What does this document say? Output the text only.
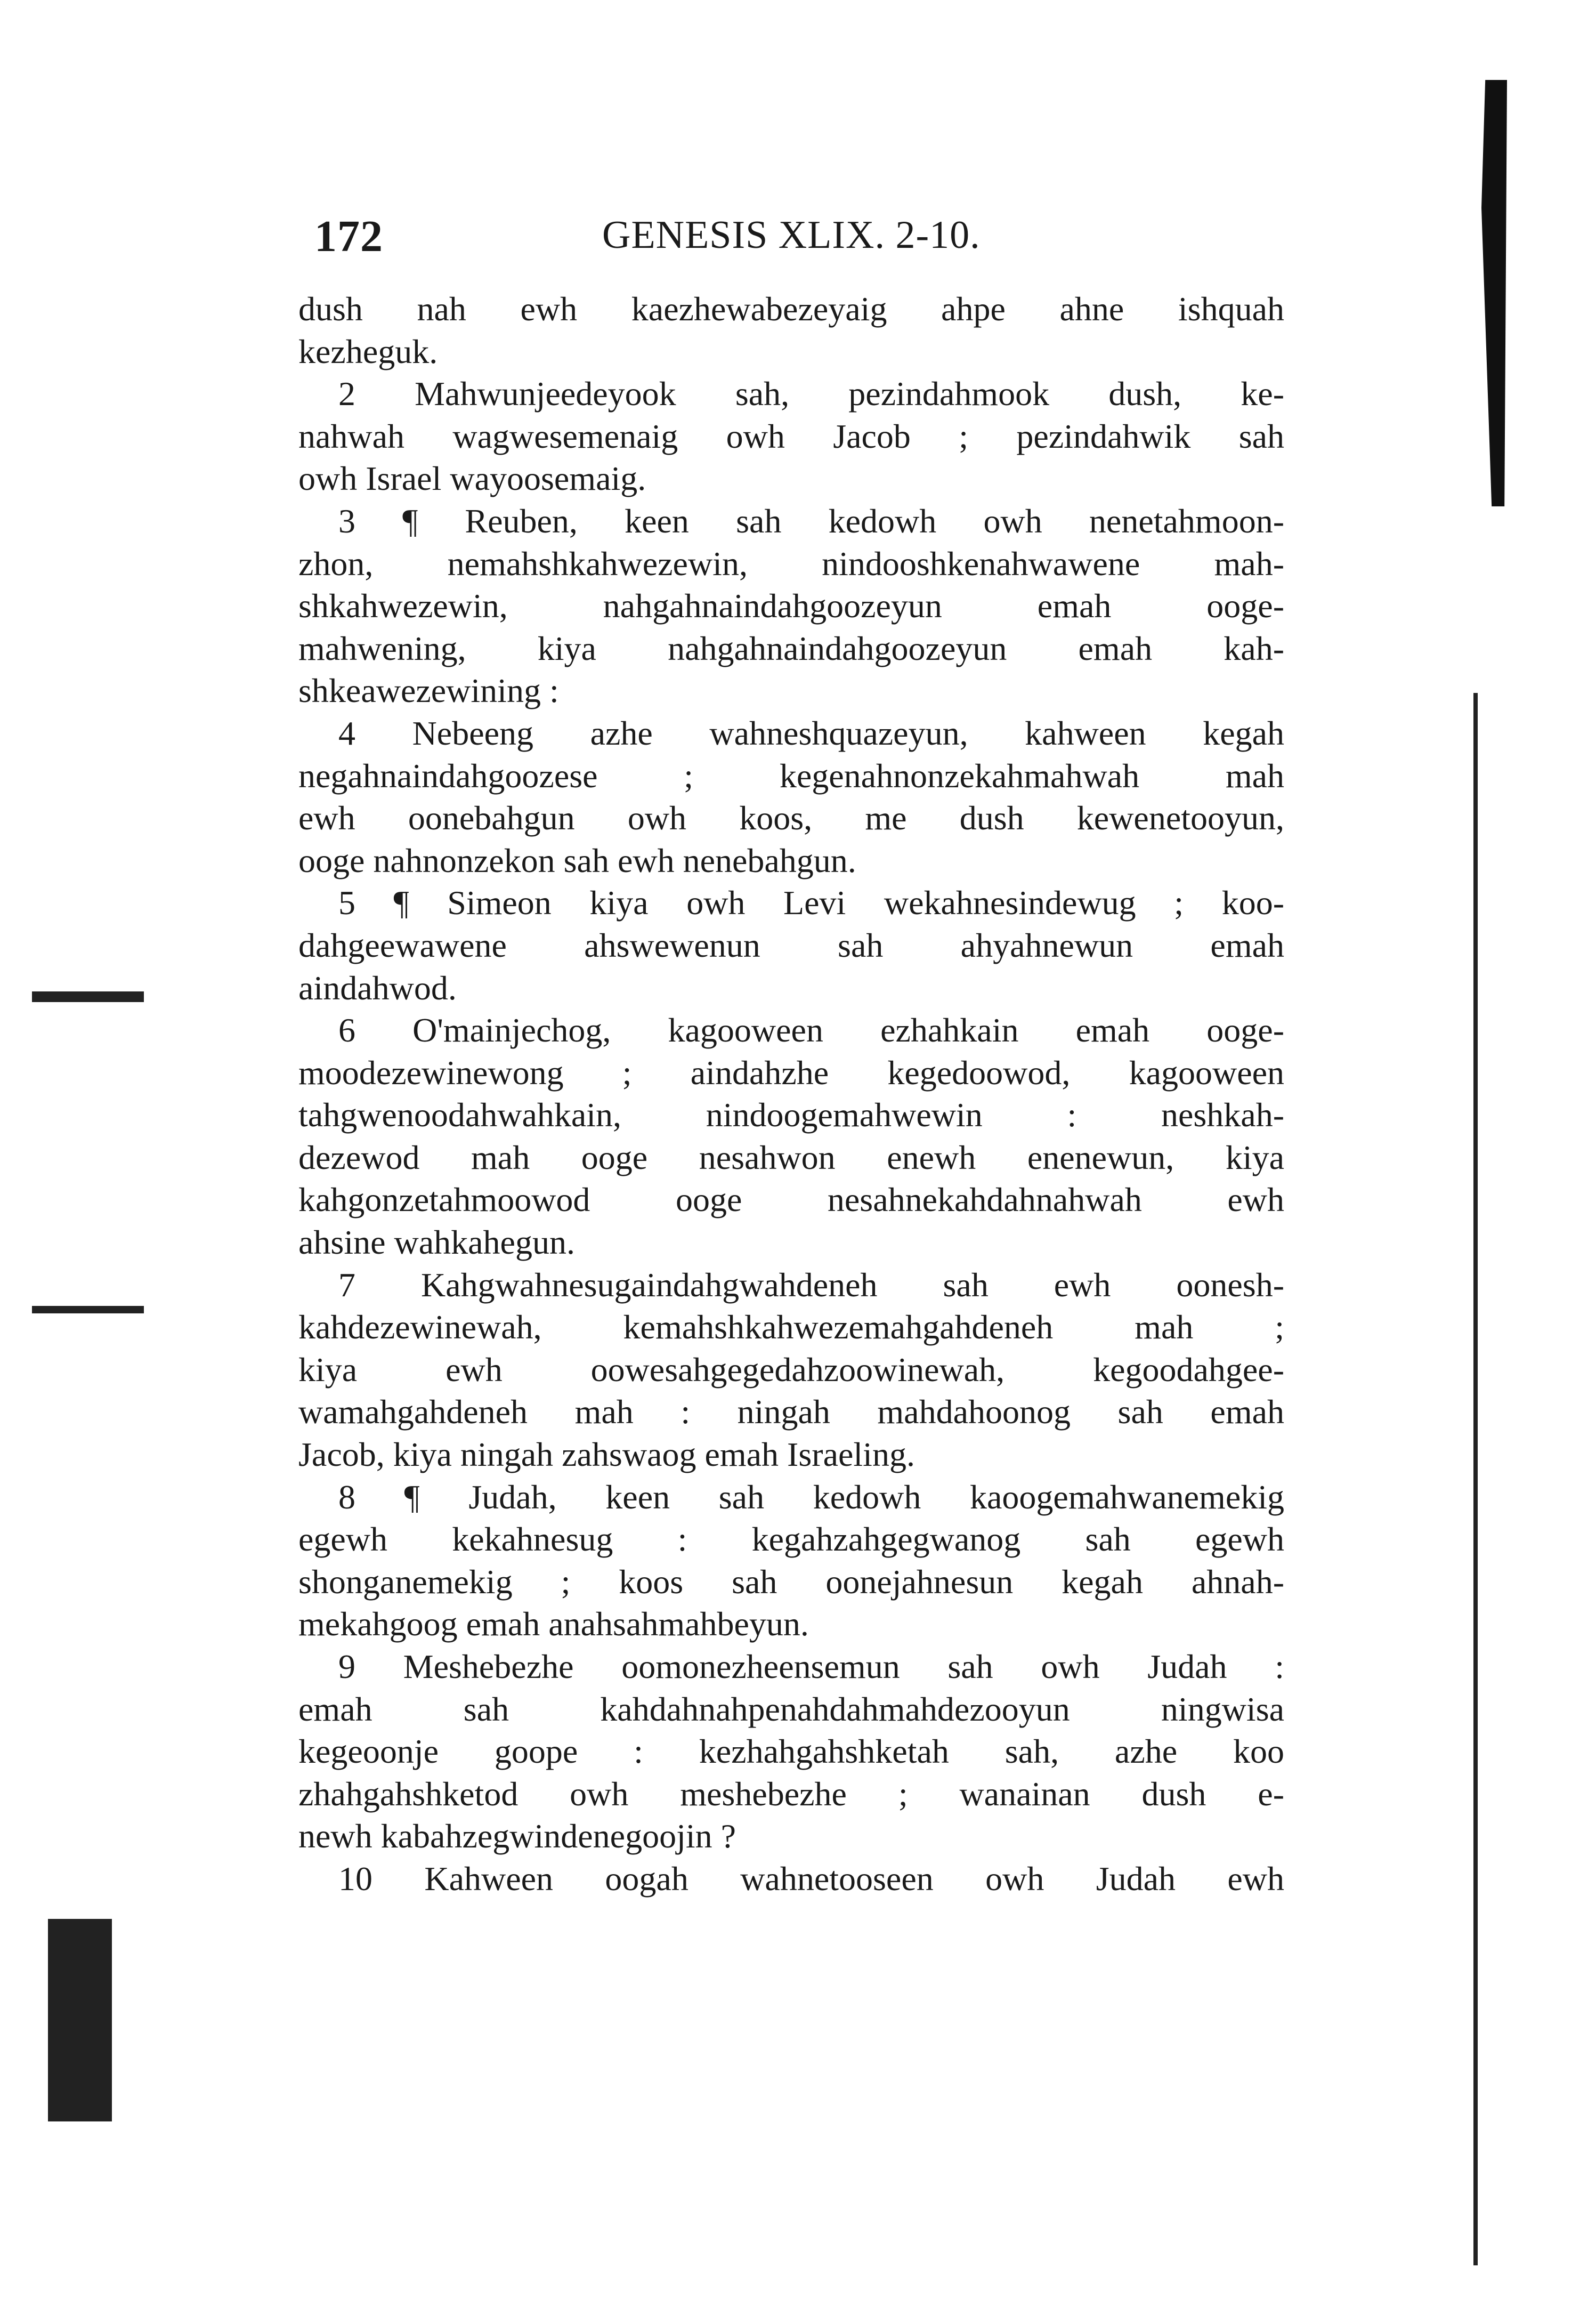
172	GENESIS XLIX. 2-10.
dush nah ewh kaezhewabezeyaig ahpe ahne ishquah
kezheguk.
2 Mahwunjeedeyook sah, pezindahmook dush, ke-
nahwah wagwesemenaig owh Jacob ; pezindahwik sah
owh Israel wayoosemaig.
3 ¶ Reuben, keen sah kedowh owh nenetahmoon-
zhon, nemahshkahwezewin, nindooshkenahwawene mah-
shkahwezewin, nahgahnaindahgoozeyun emah ooge-
mahwening, kiya nahgahnaindahgoozeyun emah kah-
shkeawezewining :
4 Nebeeng azhe wahneshquazeyun, kahween kegah
negahnaindahgoozese ; kegenahnonzekahmahwah mah
ewh oonebahgun owh koos, me dush kewenetooyun,
ooge nahnonzekon sah ewh nenebahgun.
5 ¶ Simeon kiya owh Levi wekahnesindewug ; koo-
dahgeewawene ahswewenun sah ahyahnewun emah
aindahwod.
6 O'mainjechog, kagooween ezhahkain emah ooge-
moodezewinewong ; aindahzhe kegedoowod, kagooween
tahgwenoodahwahkain, nindoogemahwewin : neshkah-
dezewod mah ooge nesahwon enewh enenewun, kiya
kahgonzetahmoowod ooge nesahnekahdahnahwah ewh
ahsine wahkahegun.
7 Kahgwahnesugaindahgwahdeneh sah ewh oonesh-
kahdezewinewah, kemahshkahwezemahgahdeneh mah ;
kiya ewh oowesahgegedahzoowinewah, kegoodahgee-
wamahgahdeneh mah : ningah mahdahoonog sah emah
Jacob, kiya ningah zahswaog emah Israeling.
8 ¶ Judah, keen sah kedowh kaoogemahwanemekig
egewh kekahnesug : kegahzahgegwanog sah egewh
shonganemekig ; koos sah oonejahnesun kegah ahnah-
mekahgoog emah anahsahmahbeyun.
9 Meshebezhe oomonezheensemun sah owh Judah :
emah sah kahdahnahpenahdahmahdezooyun ningwisa
kegeoonje goope : kezhahgahshketah sah, azhe koo
zhahgahshketod owh meshebezhe ; wanainan dush e-
newh kabahzegwindenegoojin ?
10 Kahween oogah wahnetooseen owh Judah ewh
